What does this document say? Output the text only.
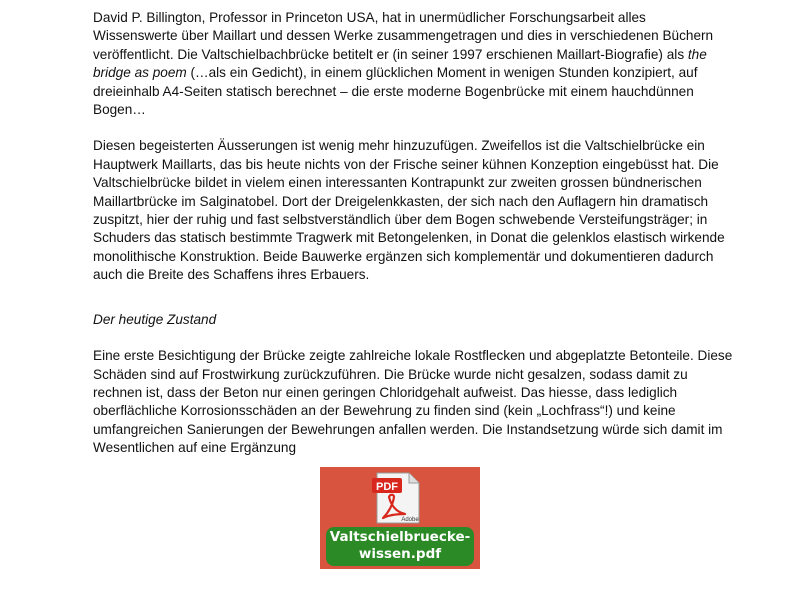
David P. Billington, Professor in Princeton USA, hat in unermüdlicher Forschungsarbeit alles Wissenswerte über Maillart und dessen Werke zusammengetragen und dies in verschiedenen Büchern veröffentlicht. Die Valtschielbachbrücke betitelt er (in seiner 1997 erschienen Maillart-Biografie) als the bridge as poem (…als ein Gedicht), in einem glücklichen Moment in wenigen Stunden konzipiert, auf dreieinhalb A4-Seiten statisch berechnet – die erste moderne Bogenbrücke mit einem hauchdünnen Bogen…

Diesen begeisterten Äusserungen ist wenig mehr hinzuzufügen. Zweifellos ist die Valtschielbrücke ein Hauptwerk Maillarts, das bis heute nichts von der Frische seiner kühnen Konzeption eingebüsst hat. Die Valtschielbrücke bildet in vielem einen interessanten Kontrapunkt zur zweiten grossen bündnerischen Maillartbrücke im Salginatobel. Dort der Dreigelenkkasten, der sich nach den Auflagern hin dramatisch zuspitzt, hier der ruhig und fast selbstverständlich über dem Bogen schwebende Versteifungsträger; in Schuders das statisch bestimmte Tragwerk mit Betongelenken, in Donat die gelenklos elastisch wirkende monolithische Konstruktion. Beide Bauwerke ergänzen sich komplementär und dokumentieren dadurch auch die Breite des Schaffens ihres Erbauers.

Der heutige Zustand

Eine erste Besichtigung der Brücke zeigte zahlreiche lokale Rostflecken und abgeplatzte Betonteile. Diese Schäden sind auf Frostwirkung zurückzuführen. Die Brücke wurde nicht gesalzen, sodass damit zu rechnen ist, dass der Beton nur einen geringen Chloridgehalt aufweist. Das hiesse, dass lediglich oberflächliche Korrosionsschäden an der Bewehrung zu finden sind (kein „Lochfrass“!) und keine umfangreichen Sanierungen der Bewehrungen anfallen werden. Die Instandsetzung würde sich damit im Wesentlichen auf eine Ergänzung

PDF
Adobe
Valtschielbruecke-
wissen.pdf
